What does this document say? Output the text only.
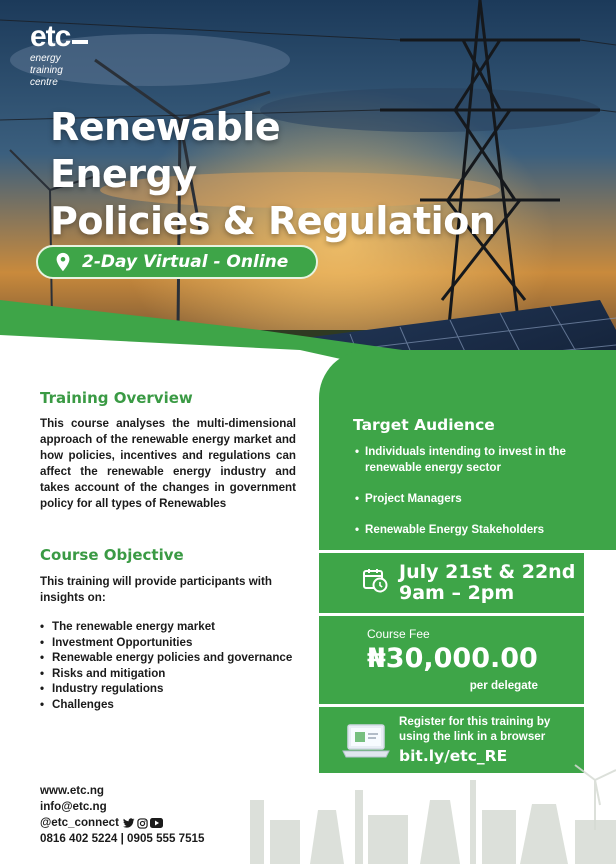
etc
energy
training
centre
Renewable
Energy
Policies & Regulation
2-Day Virtual - Online
Training Overview
This course analyses the multi-dimensional approach of the renewable energy market and how policies, incentives and regulations can affect the renewable energy industry and takes account of the changes in government policy for all types of Renewables
Course Objective
This training will provide participants with insights on:
• The renewable energy market
• Investment Opportunities
• Renewable energy policies and governance
• Risks and mitigation
• Industry regulations
• Challenges
Target Audience
• Individuals intending to invest in the renewable energy sector
• Project Managers
• Renewable Energy Stakeholders
July 21st & 22nd
9am – 2pm
Course Fee
₦30,000.00
per delegate
Register for this training by using the link in a browser
bit.ly/etc_RE
www.etc.ng
info@etc.ng
@etc_connect
0816 402 5224 | 0905 555 7515
